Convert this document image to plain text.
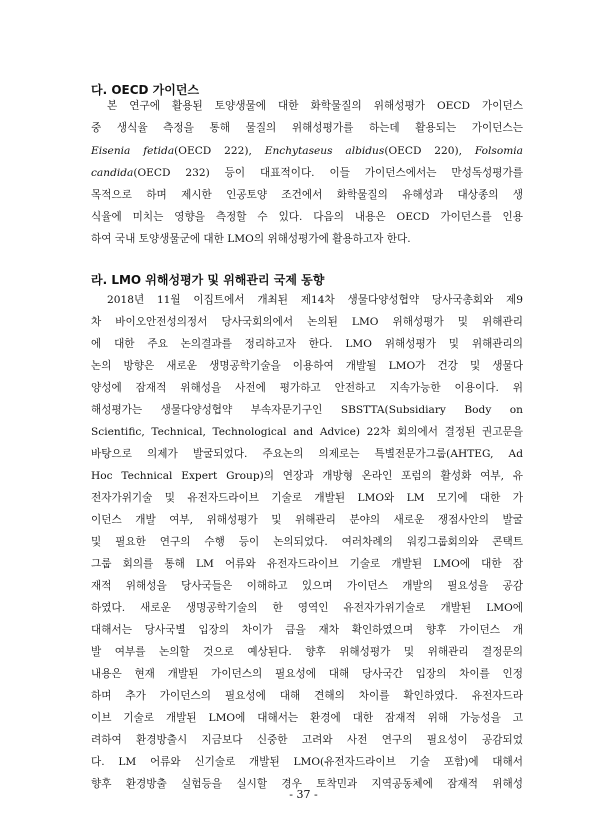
다. OECD 가이던스
본 연구에 활용된 토양생물에 대한 화학물질의 위해성평가 OECD 가이던스
중 생식율 측정을 통해 물질의 위해성평가를 하는데 활용되는 가이던스는
Eisenia fetida(OECD 222), Enchytaseus albidus(OECD 220), Folsomia
candida(OECD 232) 등이 대표적이다. 이들 가이던스에서는 만성독성평가를
목적으로 하며 제시한 인공토양 조건에서 화학물질의 유해성과 대상종의 생
식율에 미치는 영향을 측정할 수 있다. 다음의 내용은 OECD 가이던스를 인용
하여 국내 토양생물군에 대한 LMO의 위해성평가에 활용하고자 한다.
라. LMO 위해성평가 및 위해관리 국제 동향
2018년 11월 이집트에서 개최된 제14차 생물다양성협약 당사국총회와 제9
차 바이오안전성의정서 당사국회의에서 논의된 LMO 위해성평가 및 위해관리
에 대한 주요 논의결과를 정리하고자 한다. LMO 위해성평가 및 위해관리의
논의 방향은 새로운 생명공학기술을 이용하여 개발될 LMO가 건강 및 생물다
양성에 잠재적 위해성을 사전에 평가하고 안전하고 지속가능한 이용이다. 위
해성평가는 생물다양성협약 부속자문기구인 SBSTTA(Subsidiary Body on
Scientific, Technical, Technological and Advice) 22차 회의에서 결정된 권고문을
바탕으로 의제가 발굴되었다. 주요논의 의제로는 특별전문가그룹(AHTEG, Ad
Hoc Technical Expert Group)의 연장과 개방형 온라인 포럼의 활성화 여부, 유
전자가위기술 및 유전자드라이브 기술로 개발된 LMO와 LM 모기에 대한 가
이던스 개발 여부, 위해성평가 및 위해관리 분야의 새로운 쟁점사안의 발굴
및 필요한 연구의 수행 등이 논의되었다. 여러차례의 워킹그룹회의와 콘택트
그룹 회의를 통해 LM 어류와 유전자드라이브 기술로 개발된 LMO에 대한 잠
재적 위해성을 당사국들은 이해하고 있으며 가이던스 개발의 필요성을 공감
하였다. 새로운 생명공학기술의 한 영역인 유전자가위기술로 개발된 LMO에
대해서는 당사국별 입장의 차이가 큼을 재차 확인하였으며 향후 가이던스 개
발 여부를 논의할 것으로 예상된다. 향후 위해성평가 및 위해관리 결정문의
내용은 현재 개발된 가이던스의 필요성에 대해 당사국간 입장의 차이를 인정
하며 추가 가이던스의 필요성에 대해 견해의 차이를 확인하였다. 유전자드라
이브 기술로 개발된 LMO에 대해서는 환경에 대한 잠재적 위해 가능성을 고
려하여 환경방출시 지금보다 신중한 고려와 사전 연구의 필요성이 공감되었
다. LM 어류와 신기술로 개발된 LMO(유전자드라이브 기술 포함)에 대해서
향후 환경방출 실험등을 실시할 경우 토착민과 지역공동체에 잠재적 위해성
- 37 -
